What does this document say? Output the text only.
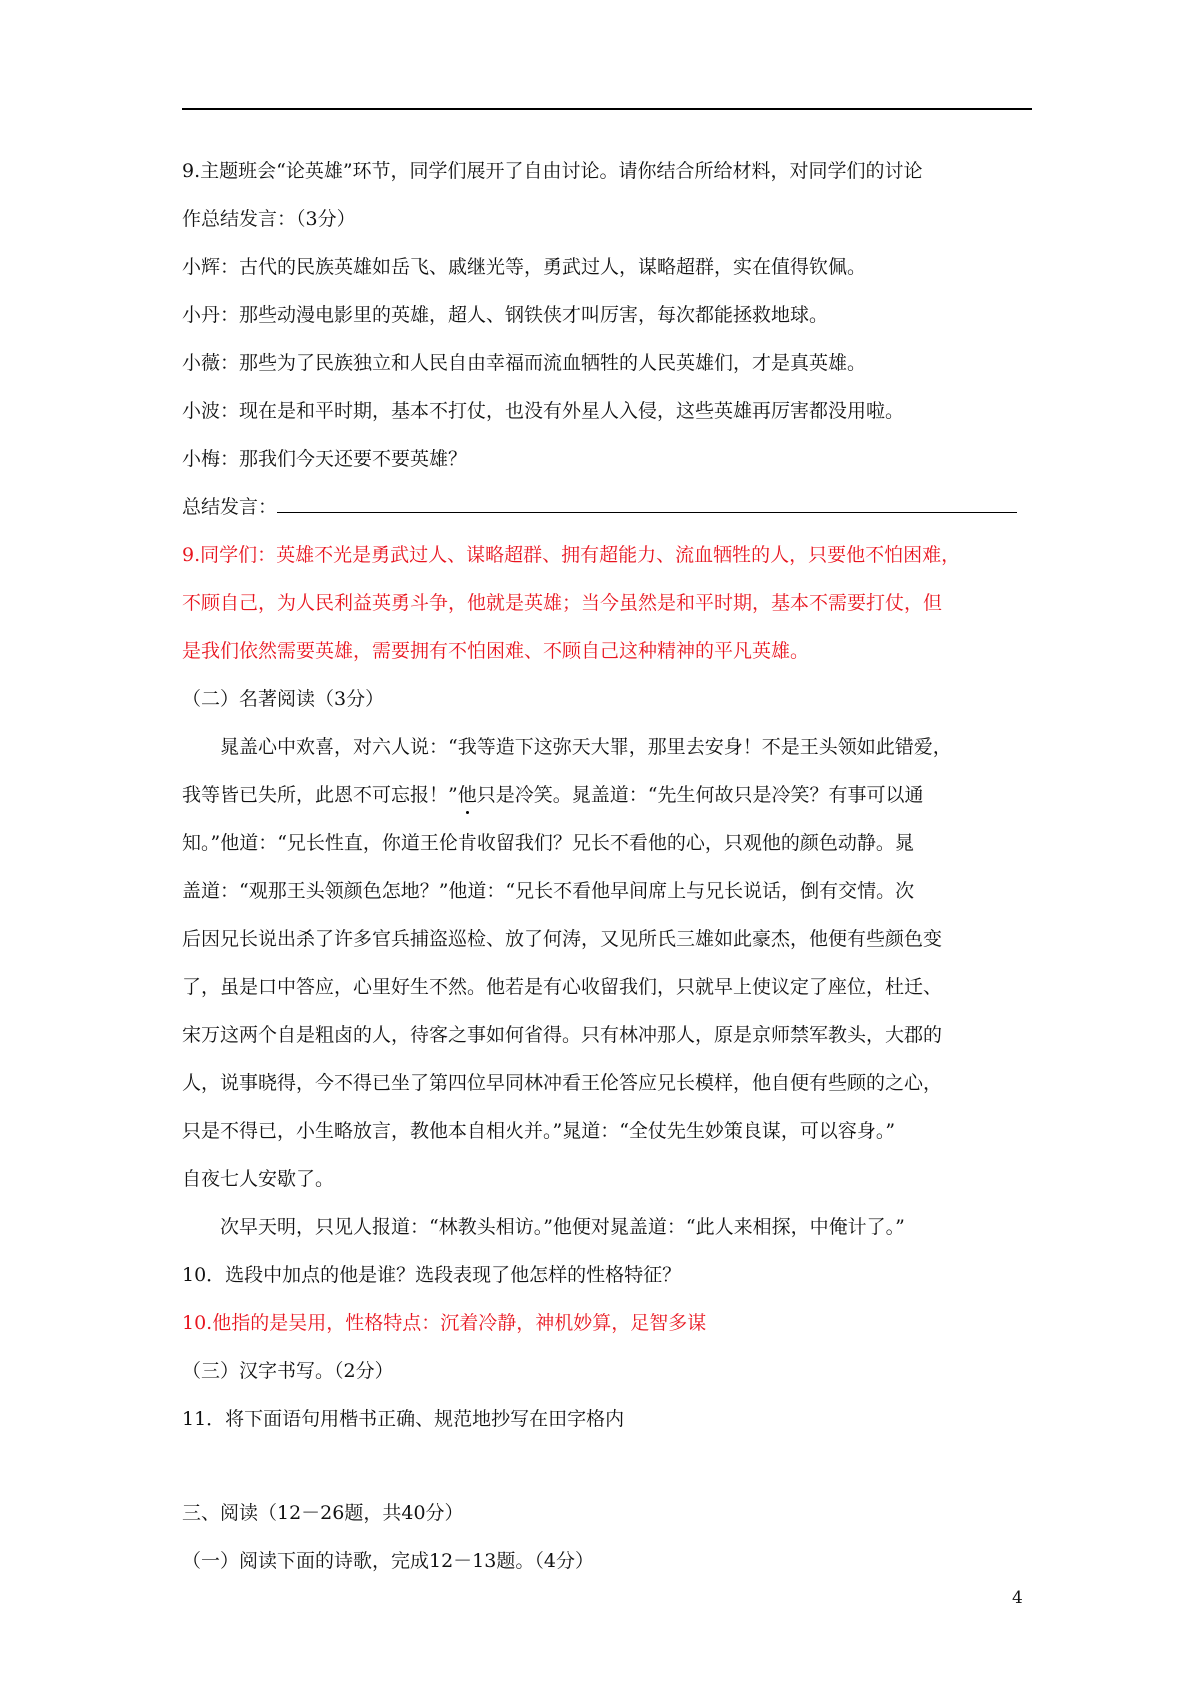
9.主题班会“论英雄”环节，同学们展开了自由讨论。请你结合所给材料，对同学们的讨论
作总结发言：（3分）
小辉：古代的民族英雄如岳飞、戚继光等，勇武过人，谋略超群，实在值得钦佩。
小丹：那些动漫电影里的英雄，超人、钢铁侠才叫厉害，每次都能拯救地球。
小薇：那些为了民族独立和人民自由幸福而流血牺牲的人民英雄们，才是真英雄。
小波：现在是和平时期，基本不打仗，也没有外星人入侵，这些英雄再厉害都没用啦。
小梅：那我们今天还要不要英雄？
总结发言：
9.同学们：英雄不光是勇武过人、谋略超群、拥有超能力、流血牺牲的人，只要他不怕困难，
不顾自己，为人民利益英勇斗争，他就是英雄；当今虽然是和平时期，基本不需要打仗，但
是我们依然需要英雄，需要拥有不怕困难、不顾自己这种精神的平凡英雄。
（二）名著阅读（3分）
晁盖心中欢喜，对六人说：“我等造下这弥天大罪，那里去安身！不是王头领如此错爱，
我等皆已失所，此恩不可忘报！”他只是冷笑。晁盖道：“先生何故只是冷笑？有事可以通
知。”他道：“兄长性直，你道王伦肯收留我们？兄长不看他的心，只观他的颜色动静。晁
盖道：“观那王头领颜色怎地？”他道：“兄长不看他早间席上与兄长说话，倒有交情。次
后因兄长说出杀了许多官兵捕盗巡检、放了何涛，又见所氏三雄如此豪杰，他便有些颜色变
了，虽是口中答应，心里好生不然。他若是有心收留我们，只就早上使议定了座位，杜迁、
宋万这两个自是粗卤的人，待客之事如何省得。只有林冲那人，原是京师禁军教头，大郡的
人，说事晓得，今不得已坐了第四位早同林冲看王伦答应兄长模样，他自便有些顾的之心，
只是不得已，小生略放言，教他本自相火并。”晁道：“全仗先生妙策良谋，可以容身。”
自夜七人安歇了。
次早天明，只见人报道：“林教头相访。”他便对晁盖道：“此人来相探，中俺计了。”
10．选段中加点的他是谁？选段表现了他怎样的性格特征？
10.他指的是吴用，性格特点：沉着冷静，神机妙算，足智多谋
（三）汉字书写。（2分）
11．将下面语句用楷书正确、规范地抄写在田字格内
三、阅读（12－26题，共40分）
（一）阅读下面的诗歌，完成12－13题。（4分）
4
